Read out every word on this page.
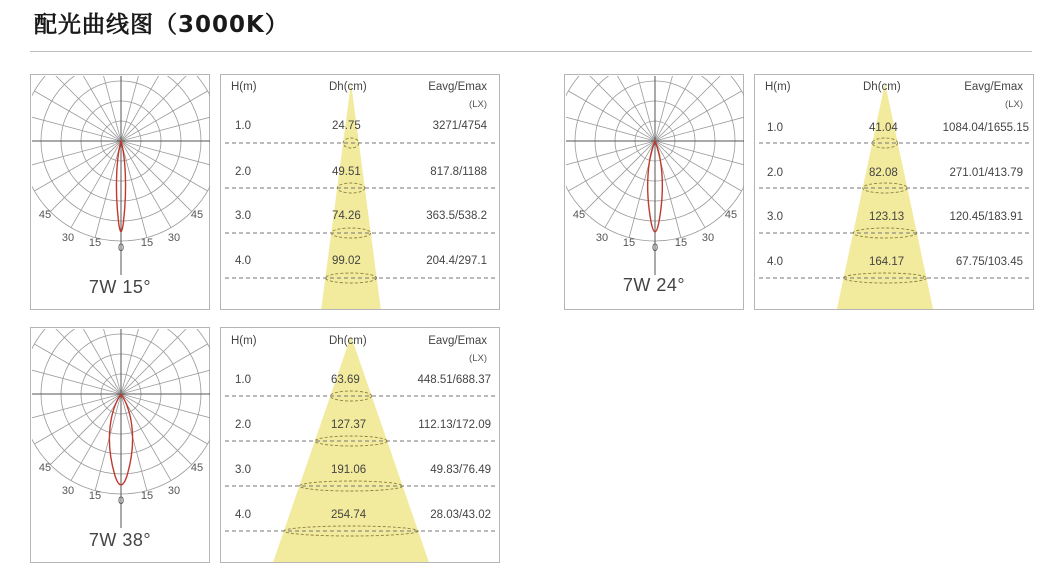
配光曲线图（3000K）
45
30 15 0 15 30
45
7W 15°
H(m)	Dh(cm)	Eavg/Emax
(LX)
1.0	24.75	3271/4754
2.0	49.51	817.8/1188
3.0	74.26	363.5/538.2
4.0	99.02	204.4/297.1
45
30 15 0 15 30
45
7W 24°
H(m)	Dh(cm)	Eavg/Emax
(LX)
1.0	41.04	1084.04/1655.15
2.0	82.08	271.01/413.79
3.0	123.13	120.45/183.91
4.0	164.17	67.75/103.45
45
30 15 0 15 30
45
7W 38°
H(m)	Dh(cm)	Eavg/Emax
(LX)
1.0	63.69	448.51/688.37
2.0	127.37	112.13/172.09
3.0	191.06	49.83/76.49
4.0	254.74	28.03/43.02
